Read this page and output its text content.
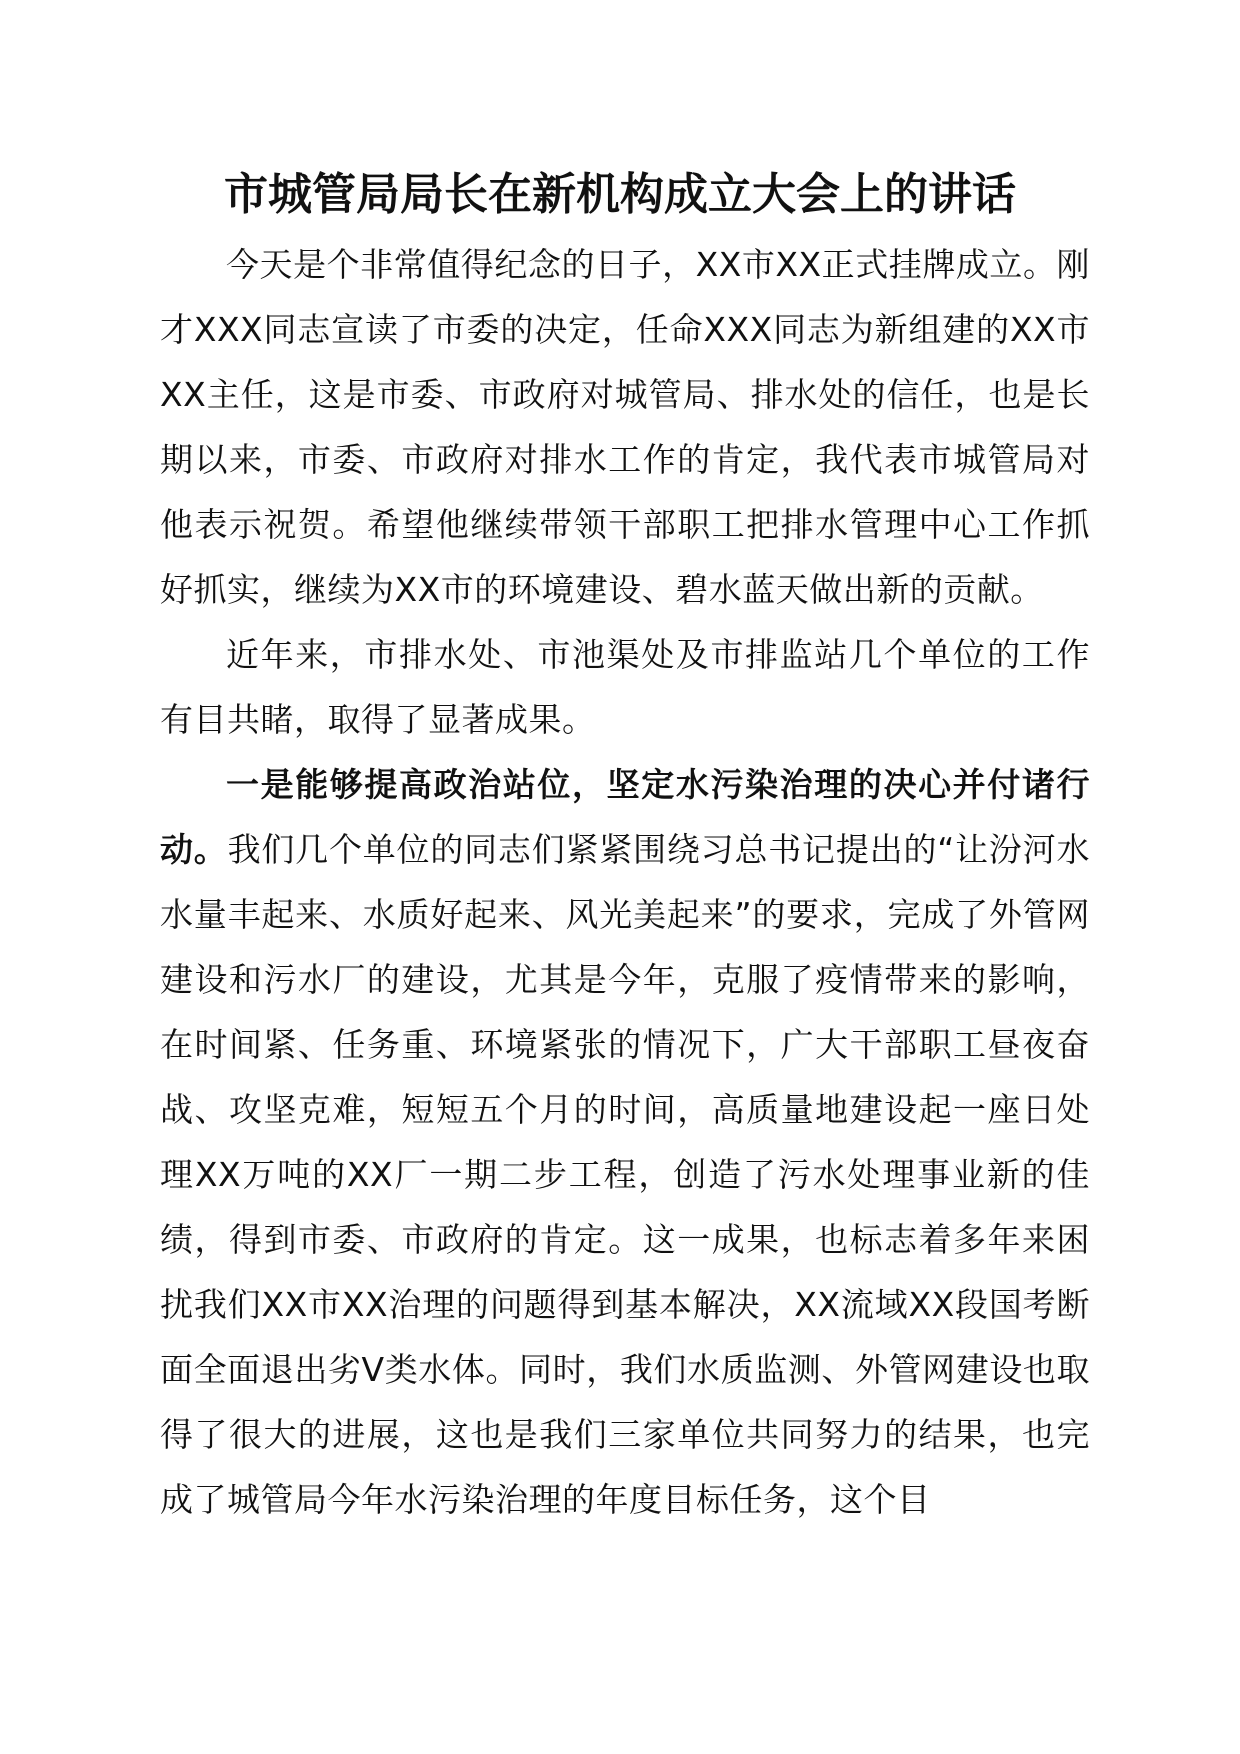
市城管局局长在新机构成立大会上的讲话

今天是个非常值得纪念的日子，XX市XX正式挂牌成立。刚才XXX同志宣读了市委的决定，任命XXX同志为新组建的XX市XX主任，这是市委、市政府对城管局、排水处的信任，也是长期以来，市委、市政府对排水工作的肯定，我代表市城管局对他表示祝贺。希望他继续带领干部职工把排水管理中心工作抓好抓实，继续为XX市的环境建设、碧水蓝天做出新的贡献。

近年来，市排水处、市池渠处及市排监站几个单位的工作有目共睹，取得了显著成果。

一是能够提高政治站位，坚定水污染治理的决心并付诸行动。我们几个单位的同志们紧紧围绕习总书记提出的“让汾河水水量丰起来、水质好起来、风光美起来”的要求，完成了外管网建设和污水厂的建设，尤其是今年，克服了疫情带来的影响，在时间紧、任务重、环境紧张的情况下，广大干部职工昼夜奋战、攻坚克难，短短五个月的时间，高质量地建设起一座日处理XX万吨的XX厂一期二步工程，创造了污水处理事业新的佳绩，得到市委、市政府的肯定。这一成果，也标志着多年来困扰我们XX市XX治理的问题得到基本解决，XX流域XX段国考断面全面退出劣Ⅴ类水体。同时，我们水质监测、外管网建设也取得了很大的进展，这也是我们三家单位共同努力的结果，也完成了城管局今年水污染治理的年度目标任务，这个目
